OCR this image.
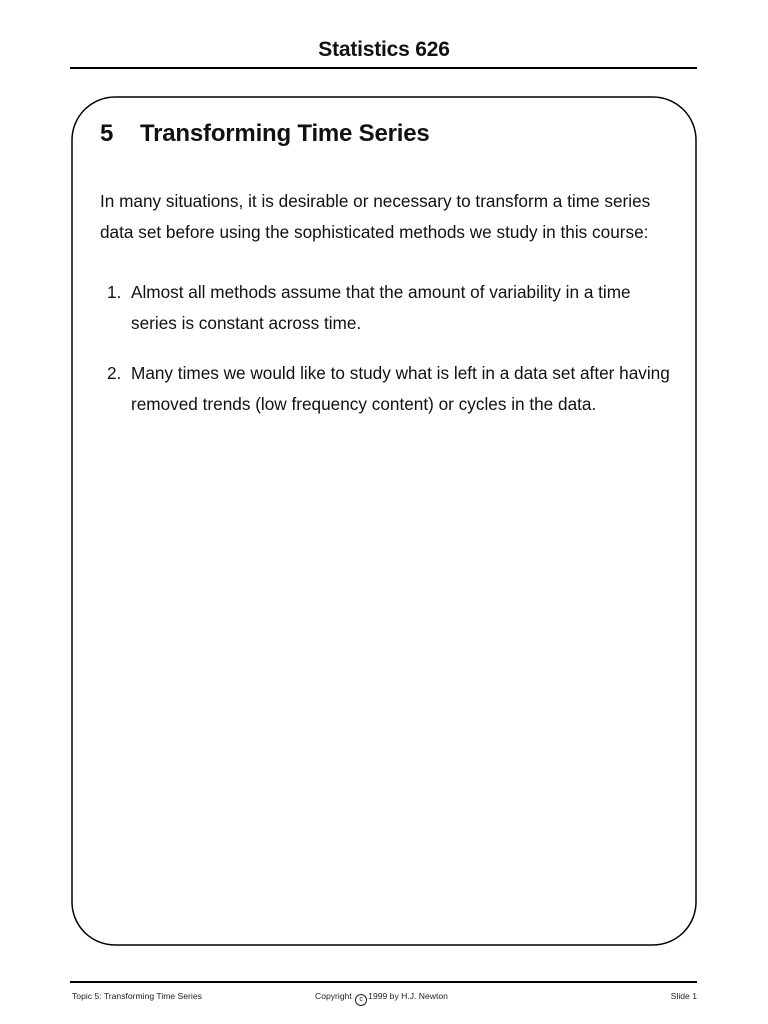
Statistics 626
5 Transforming Time Series
In many situations, it is desirable or necessary to transform a time series data set before using the sophisticated methods we study in this course:
1. Almost all methods assume that the amount of variability in a time series is constant across time.
2. Many times we would like to study what is left in a data set after having removed trends (low frequency content) or cycles in the data.
Topic 5: Transforming Time Series	Copyright c 1999 by H.J. Newton	Slide 1
